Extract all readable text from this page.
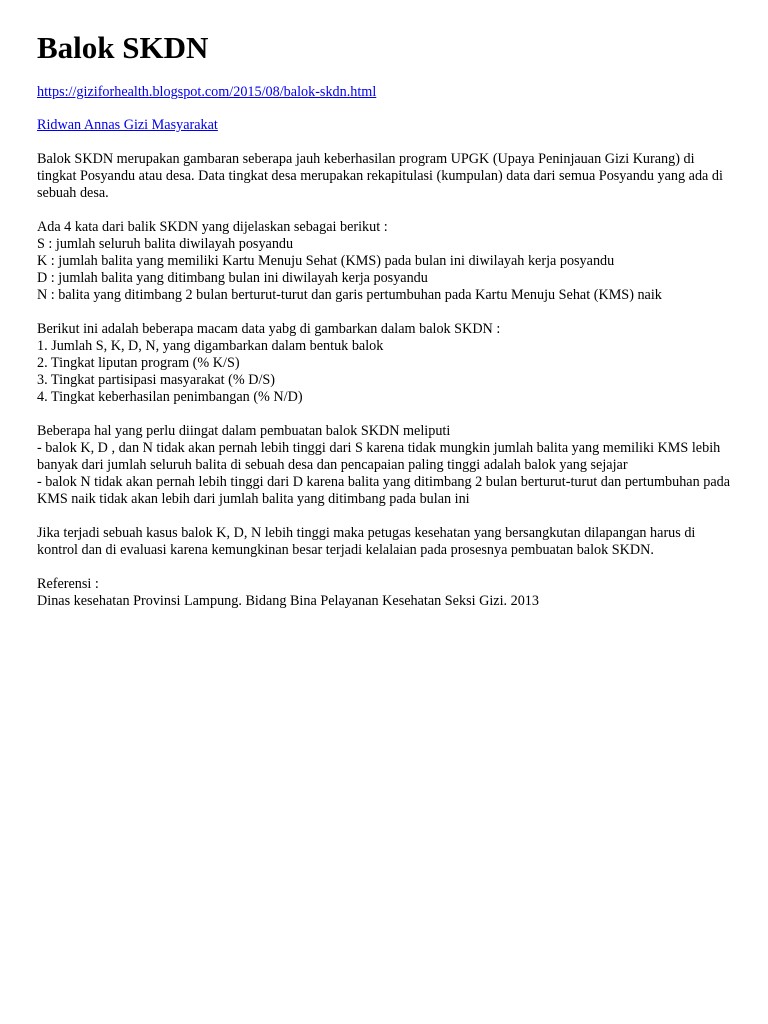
Balok SKDN
https://giziforhealth.blogspot.com/2015/08/balok-skdn.html
Ridwan Annas Gizi Masyarakat

Balok SKDN merupakan gambaran seberapa jauh keberhasilan program UPGK (Upaya Peninjauan Gizi Kurang) di tingkat Posyandu atau desa. Data tingkat desa merupakan rekapitulasi (kumpulan) data dari semua Posyandu yang ada di sebuah desa.

Ada 4 kata dari balik SKDN yang dijelaskan sebagai berikut :
S : jumlah seluruh balita diwilayah posyandu
K : jumlah balita yang memiliki Kartu Menuju Sehat (KMS) pada bulan ini diwilayah kerja posyandu
D : jumlah balita yang ditimbang bulan ini diwilayah kerja posyandu
N : balita yang ditimbang 2 bulan berturut-turut dan garis pertumbuhan pada Kartu Menuju Sehat (KMS) naik

Berikut ini adalah beberapa macam data yabg di gambarkan dalam balok SKDN :
1. Jumlah S, K, D, N, yang digambarkan dalam bentuk balok
2. Tingkat liputan program (% K/S)
3. Tingkat partisipasi masyarakat (% D/S)
4. Tingkat keberhasilan penimbangan (% N/D)

Beberapa hal yang perlu diingat dalam pembuatan balok SKDN meliputi
- balok K, D , dan N tidak akan pernah lebih tinggi dari S karena tidak mungkin jumlah balita yang memiliki KMS lebih banyak dari jumlah seluruh balita di sebuah desa dan pencapaian paling tinggi adalah balok yang sejajar
- balok N tidak akan pernah lebih tinggi dari D karena balita yang ditimbang 2 bulan berturut-turut dan pertumbuhan pada KMS naik tidak akan lebih dari jumlah balita yang ditimbang pada bulan ini

Jika terjadi sebuah kasus balok K, D, N lebih tinggi maka petugas kesehatan yang bersangkutan dilapangan harus di kontrol dan di evaluasi karena kemungkinan besar terjadi kelalaian pada prosesnya pembuatan balok SKDN.

Referensi :
Dinas kesehatan Provinsi Lampung. Bidang Bina Pelayanan Kesehatan Seksi Gizi. 2013
